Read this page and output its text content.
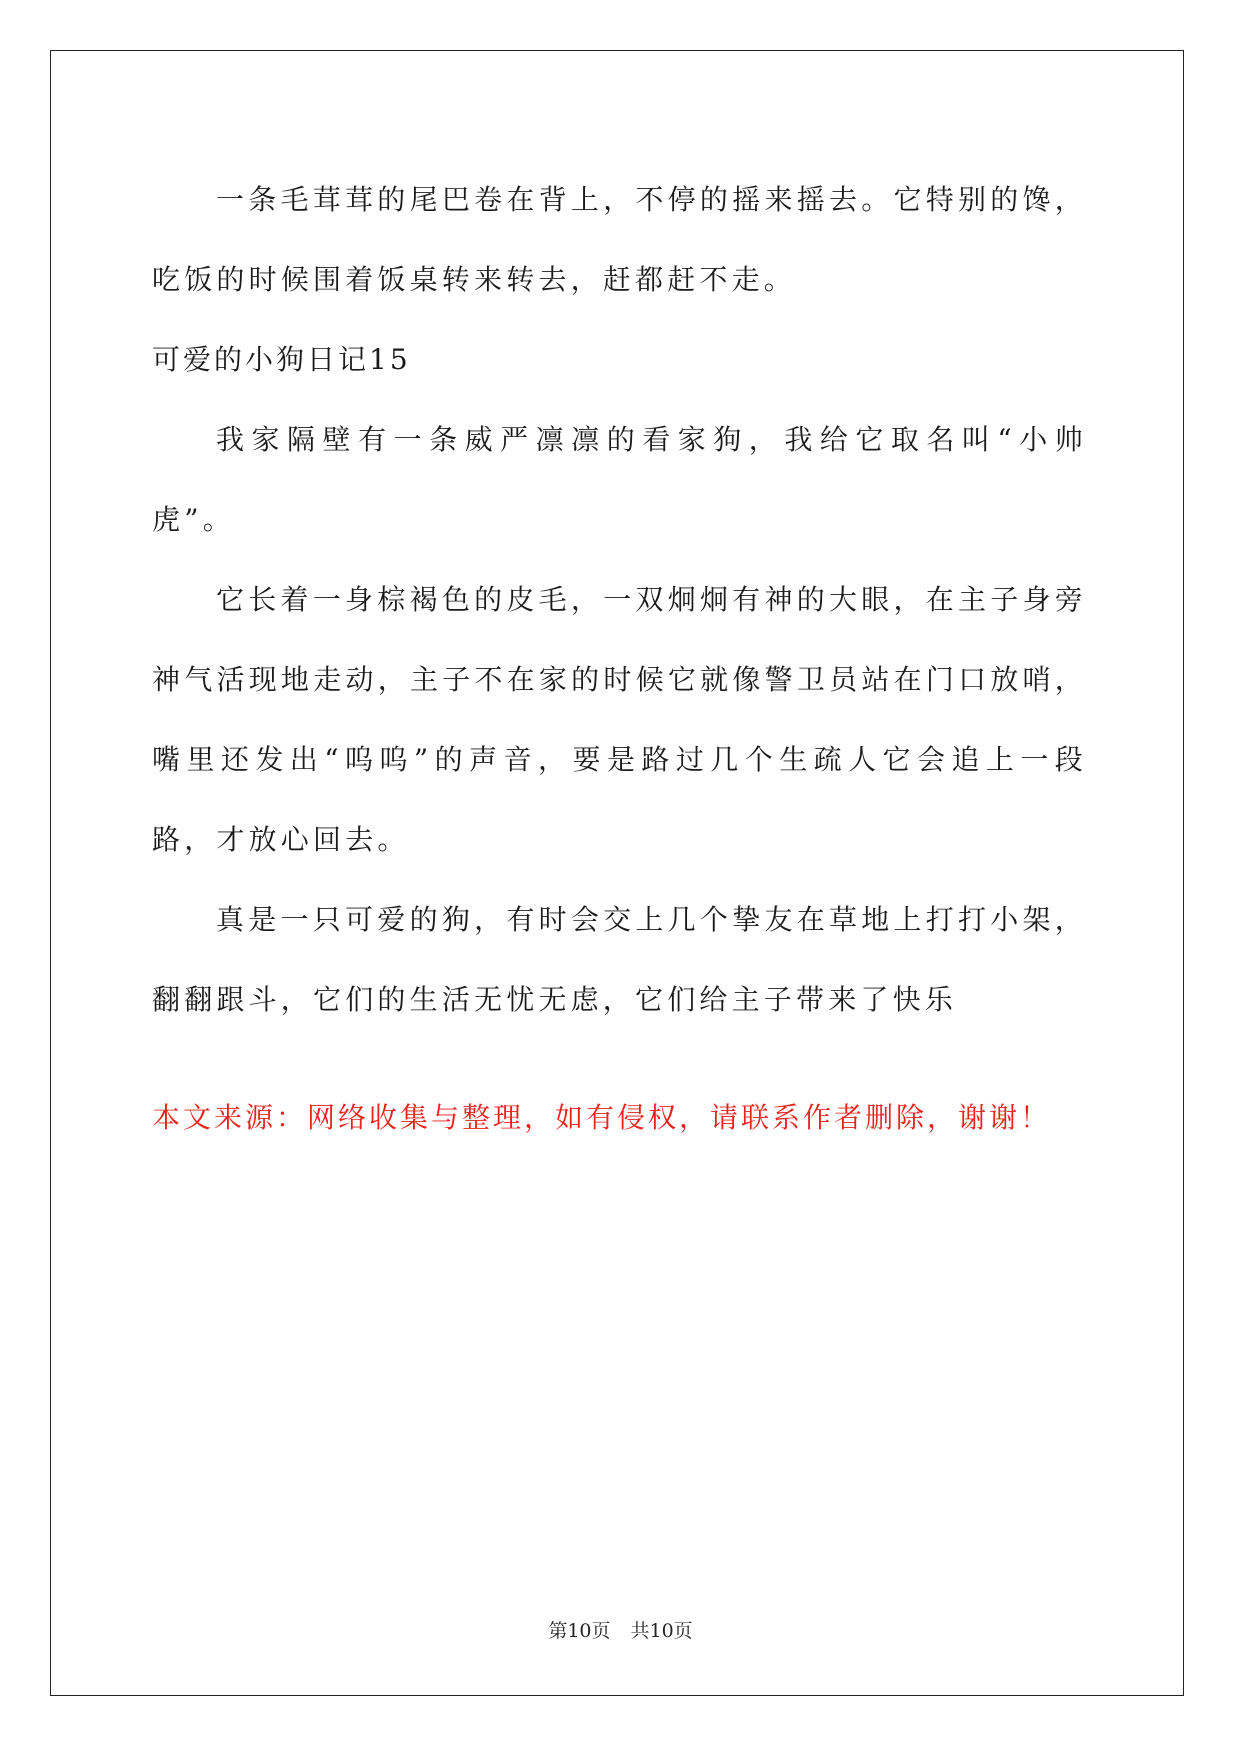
一条毛茸茸的尾巴卷在背上，不停的摇来摇去。它特别的馋，吃饭的时候围着饭桌转来转去，赶都赶不走。

可爱的小狗日记15

我家隔壁有一条威严凛凛的看家狗，我给它取名叫“小帅虎”。

它长着一身棕褐色的皮毛，一双炯炯有神的大眼，在主子身旁神气活现地走动，主子不在家的时候它就像警卫员站在门口放哨，嘴里还发出“呜呜”的声音，要是路过几个生疏人它会追上一段路，才放心回去。

真是一只可爱的狗，有时会交上几个挚友在草地上打打小架，翻翻跟斗，它们的生活无忧无虑，它们给主子带来了快乐

本文来源：网络收集与整理，如有侵权，请联系作者删除，谢谢！

第10页 共10页
